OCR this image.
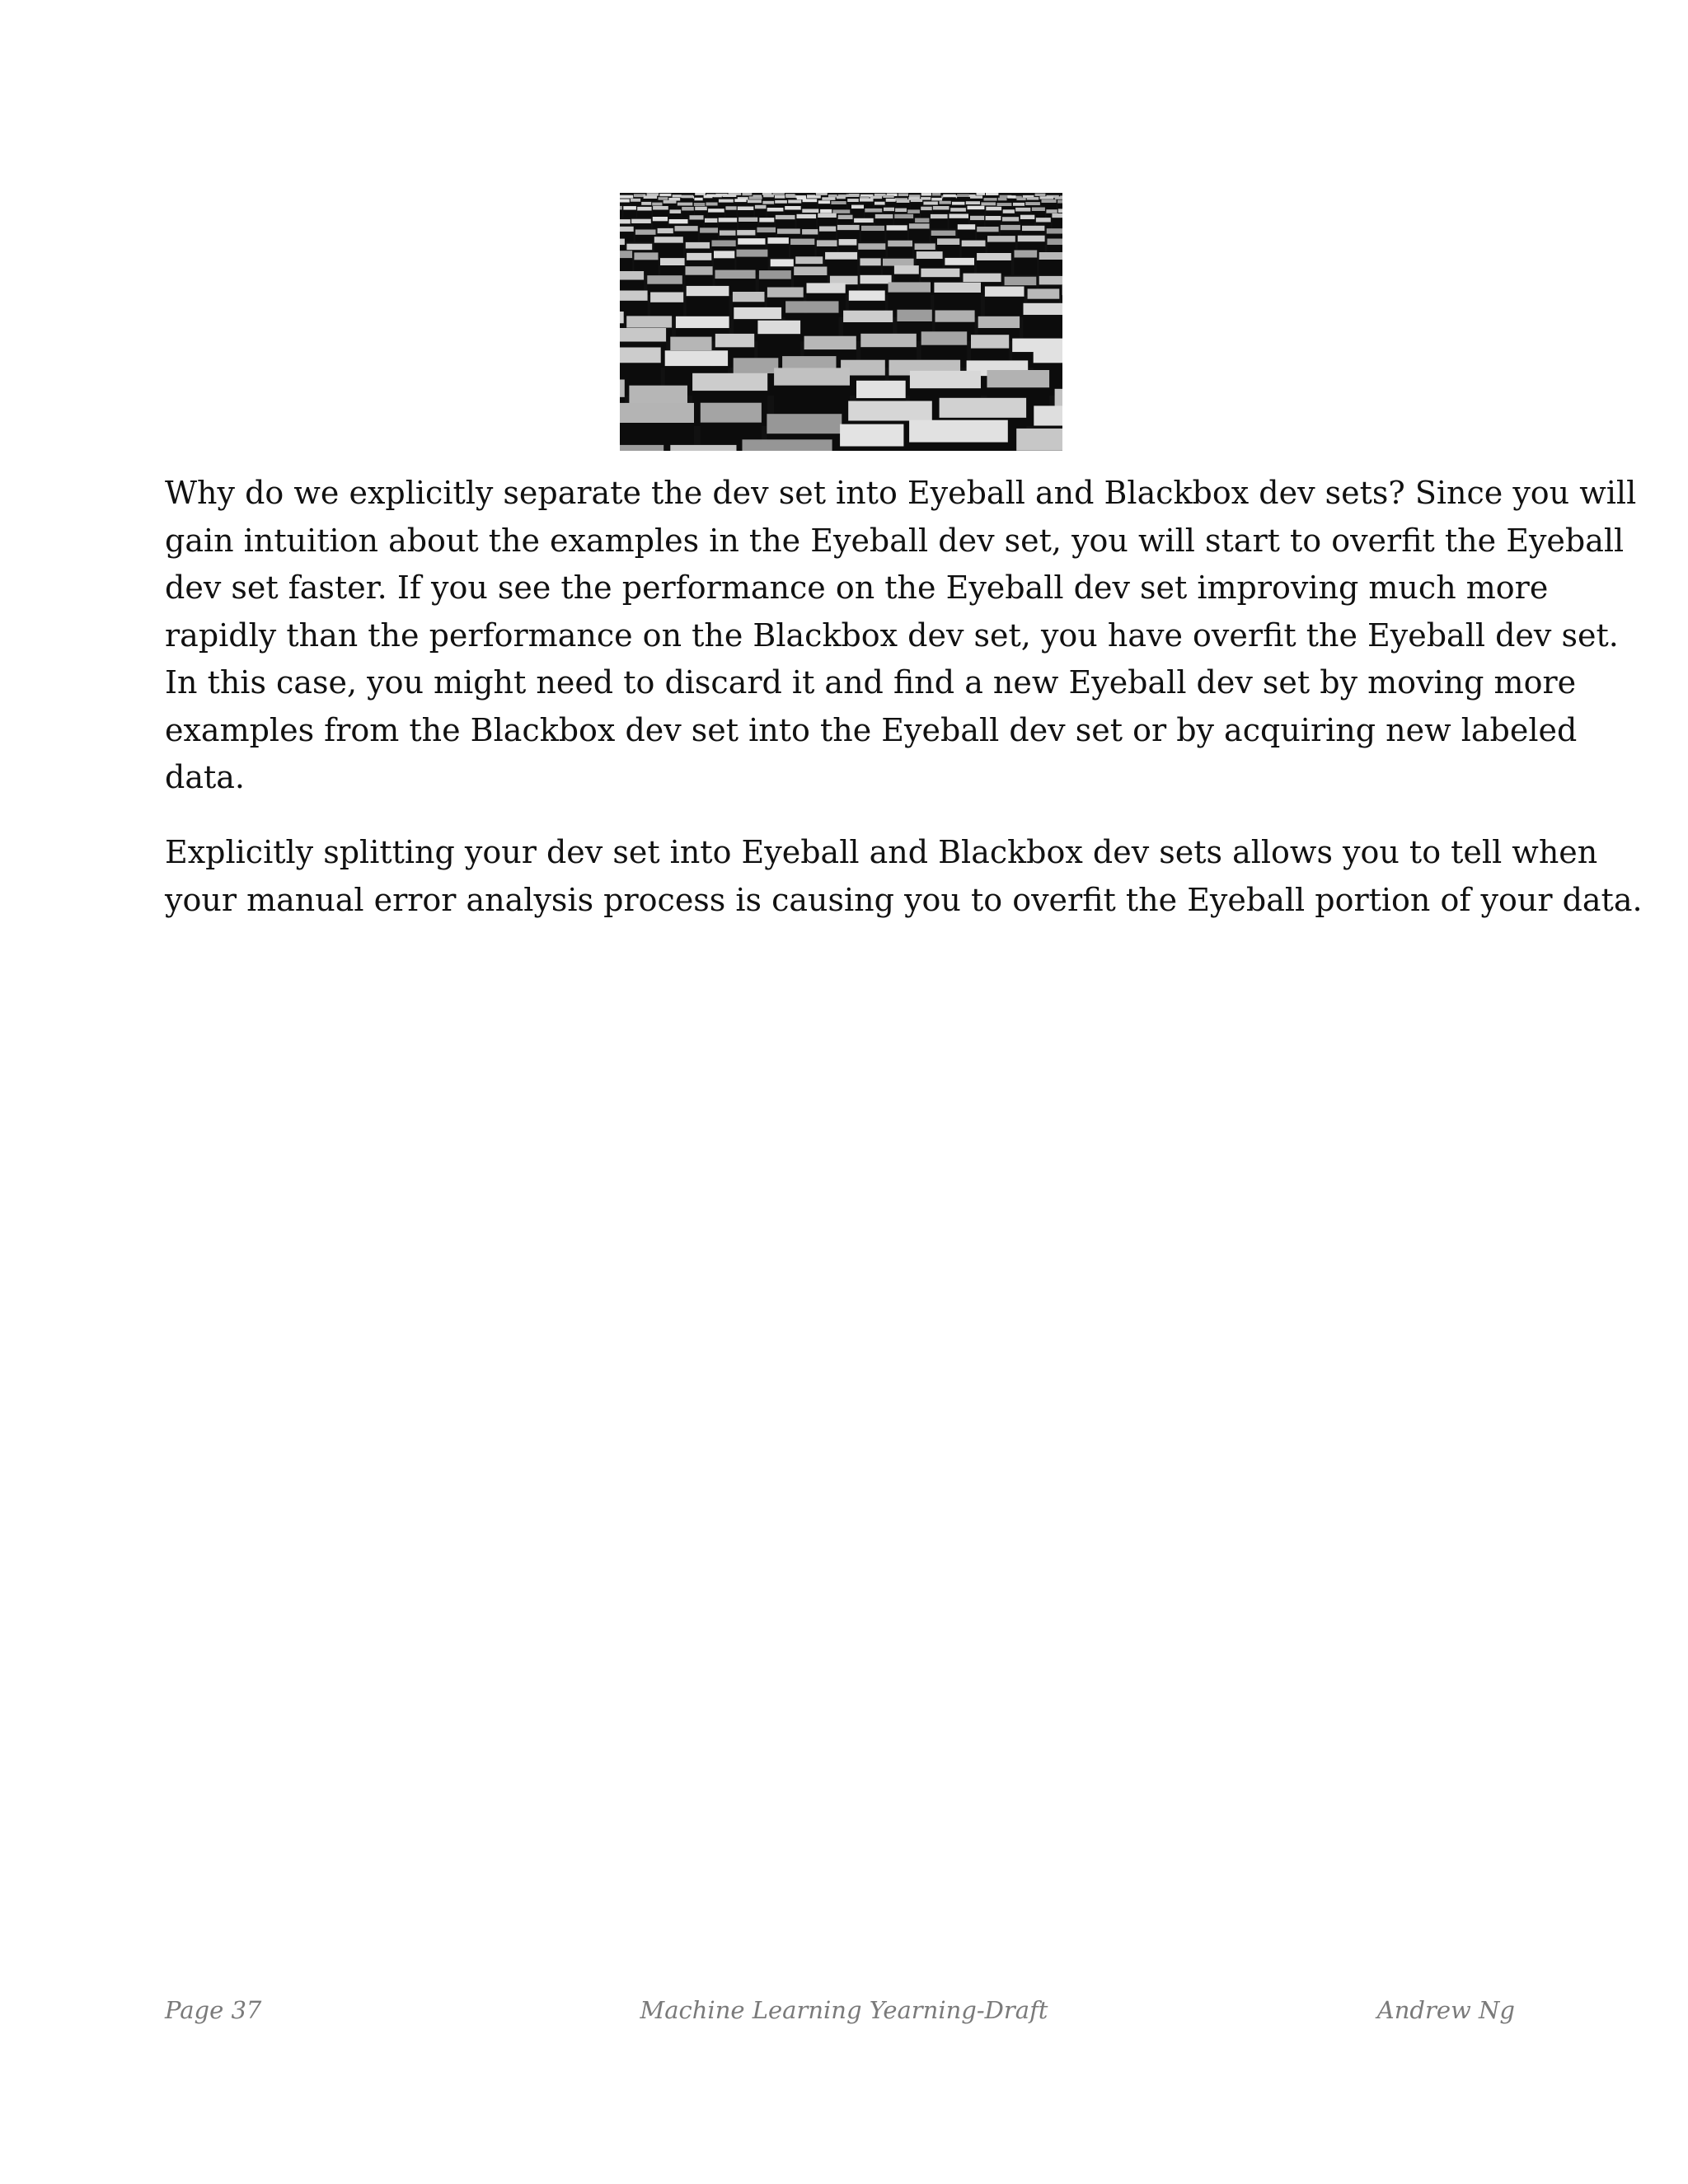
Why do we explicitly separate the dev set into Eyeball and Blackbox dev sets? Since you will
gain intuition about the examples in the Eyeball dev set, you will start to overfit the Eyeball
dev set faster. If you see the performance on the Eyeball dev set improving much more
rapidly than the performance on the Blackbox dev set, you have overfit the Eyeball dev set.
In this case, you might need to discard it and find a new Eyeball dev set by moving more
examples from the Blackbox dev set into the Eyeball dev set or by acquiring new labeled
data.
Explicitly splitting your dev set into Eyeball and Blackbox dev sets allows you to tell when
your manual error analysis process is causing you to overfit the Eyeball portion of your data.
Page 37	Machine Learning Yearning-Draft	Andrew Ng
